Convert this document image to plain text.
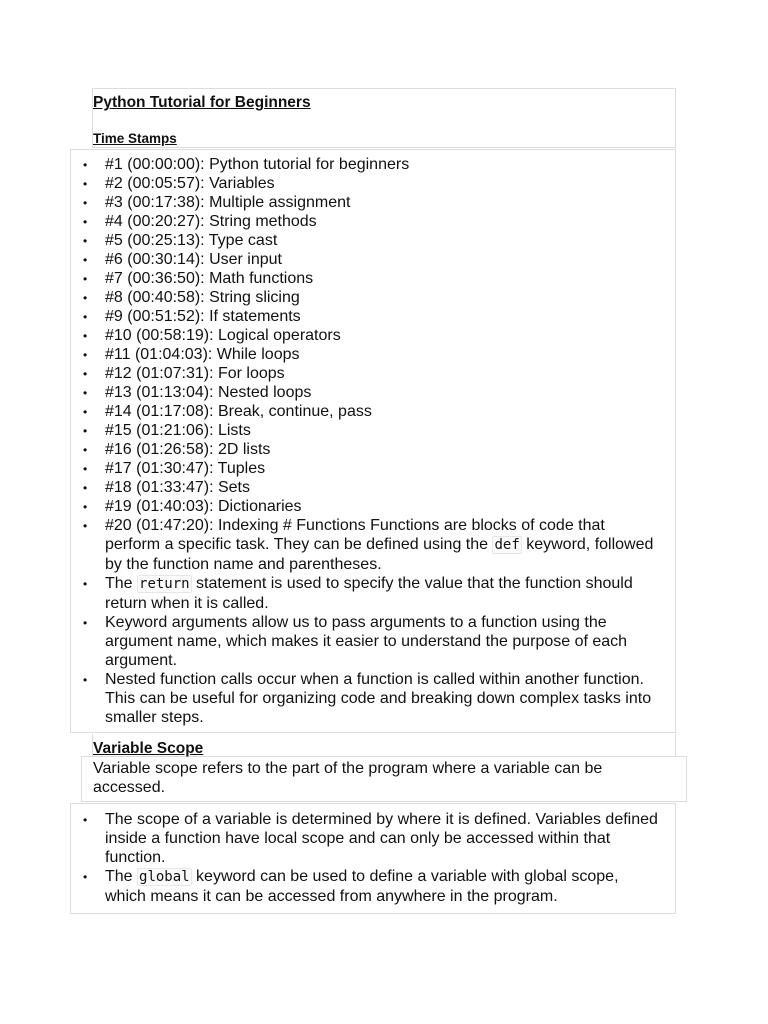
Python Tutorial for Beginners
Time Stamps
• #1 (00:00:00): Python tutorial for beginners
• #2 (00:05:57): Variables
• #3 (00:17:38): Multiple assignment
• #4 (00:20:27): String methods
• #5 (00:25:13): Type cast
• #6 (00:30:14): User input
• #7 (00:36:50): Math functions
• #8 (00:40:58): String slicing
• #9 (00:51:52): If statements
• #10 (00:58:19): Logical operators
• #11 (01:04:03): While loops
• #12 (01:07:31): For loops
• #13 (01:13:04): Nested loops
• #14 (01:17:08): Break, continue, pass
• #15 (01:21:06): Lists
• #16 (01:26:58): 2D lists
• #17 (01:30:47): Tuples
• #18 (01:33:47): Sets
• #19 (01:40:03): Dictionaries
• #20 (01:47:20): Indexing # Functions Functions are blocks of code that perform a specific task. They can be defined using the def keyword, followed by the function name and parentheses.
• The return statement is used to specify the value that the function should return when it is called.
• Keyword arguments allow us to pass arguments to a function using the argument name, which makes it easier to understand the purpose of each argument.
• Nested function calls occur when a function is called within another function. This can be useful for organizing code and breaking down complex tasks into smaller steps.
Variable Scope

Variable scope refers to the part of the program where a variable can be accessed.

• The scope of a variable is determined by where it is defined. Variables defined inside a function have local scope and can only be accessed within that function.
• The global keyword can be used to define a variable with global scope, which means it can be accessed from anywhere in the program.
